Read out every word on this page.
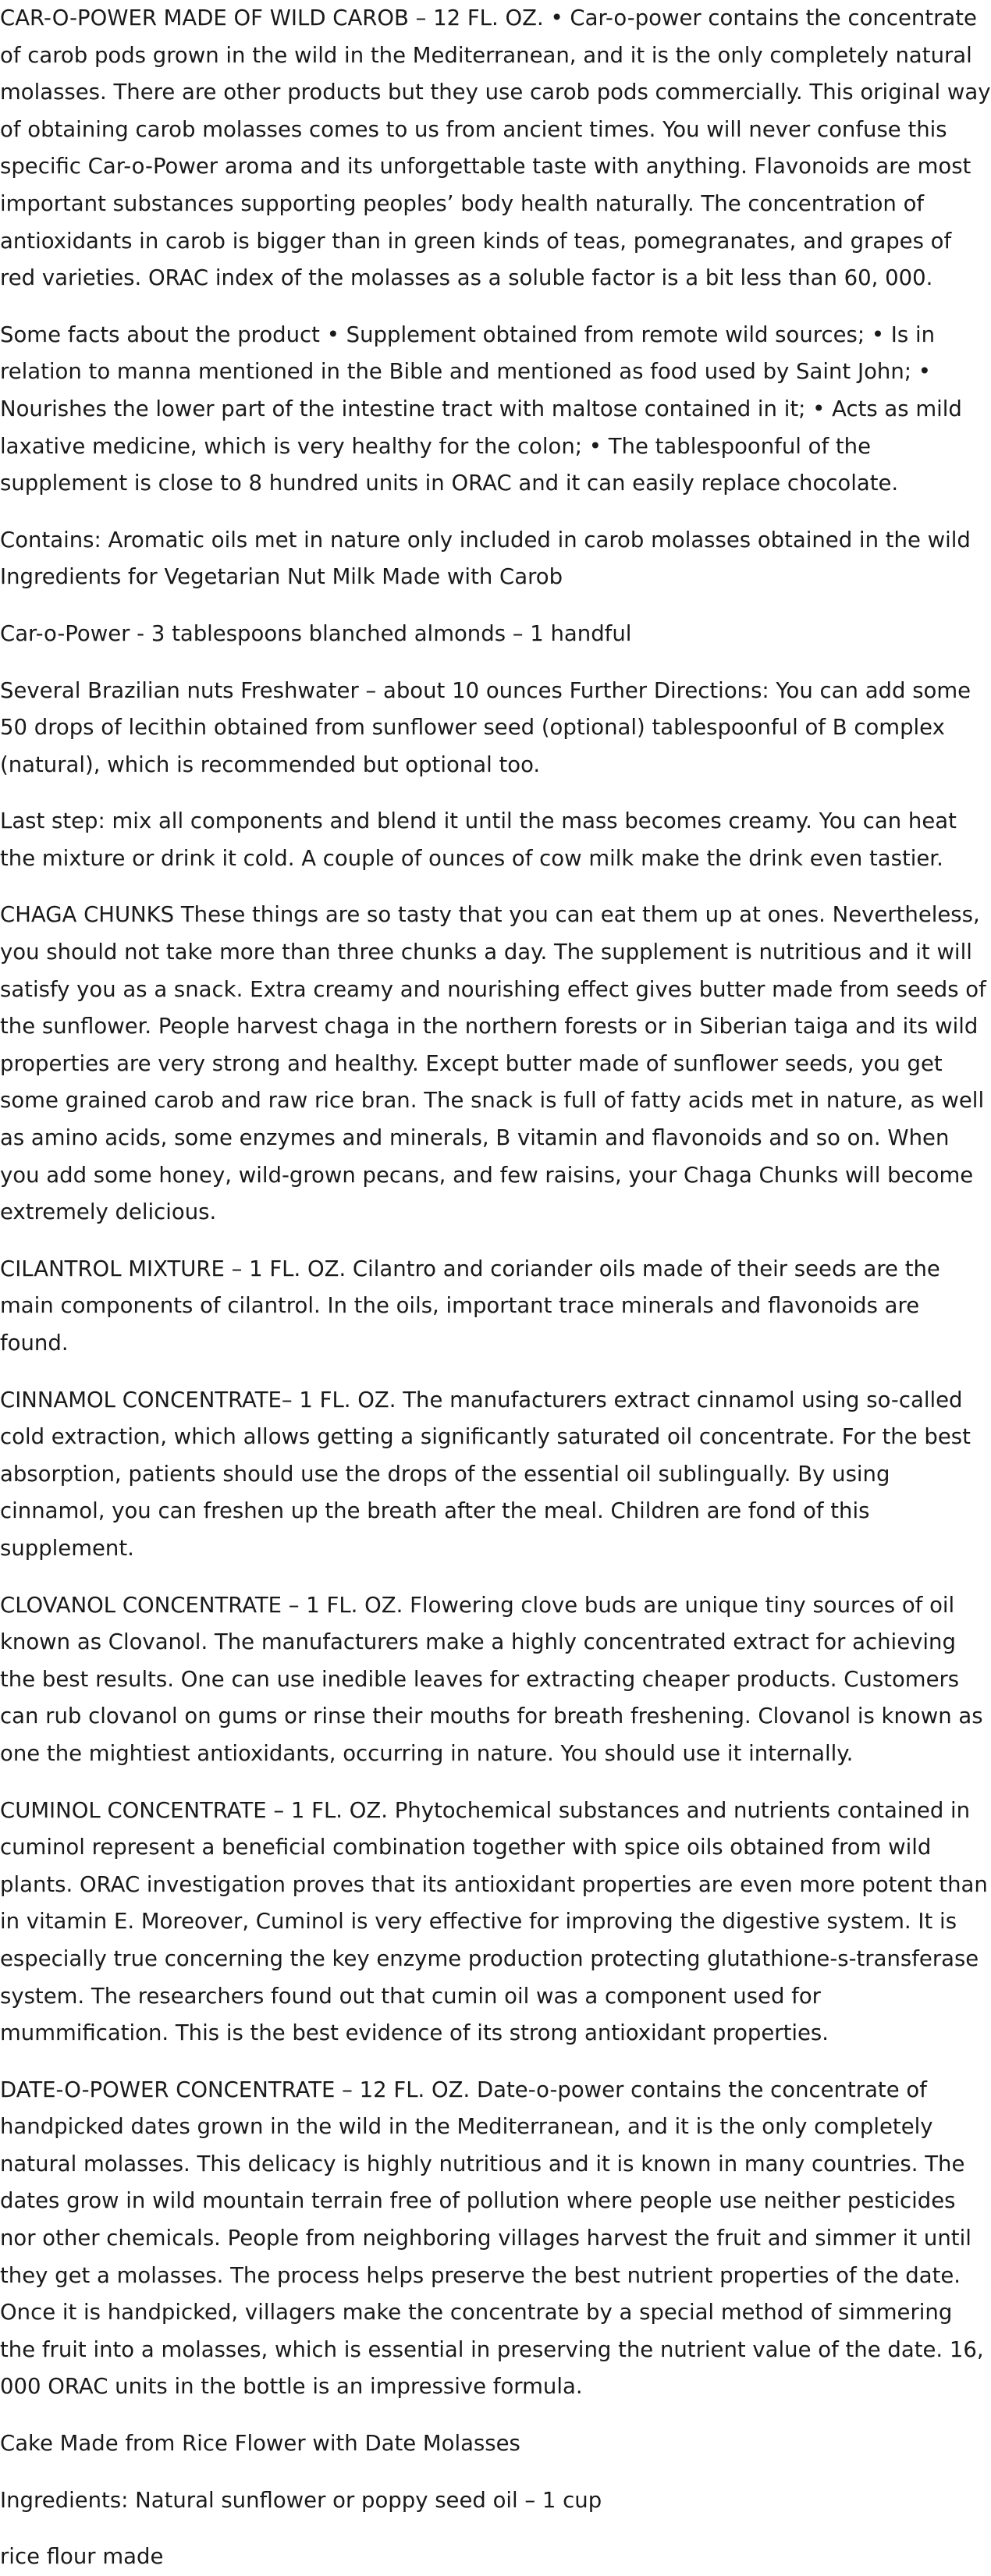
CAR-O-POWER MADE OF WILD CAROB – 12 FL. OZ. • Car-o-power contains the concentrate of carob pods grown in the wild in the Mediterranean, and it is the only completely natural molasses. There are other products but they use carob pods commercially. This original way of obtaining carob molasses comes to us from ancient times. You will never confuse this specific Car-o-Power aroma and its unforgettable taste with anything. Flavonoids are most important substances supporting peoples’ body health naturally. The concentration of antioxidants in carob is bigger than in green kinds of teas, pomegranates, and grapes of red varieties. ORAC index of the molasses as a soluble factor is a bit less than 60, 000.

Some facts about the product • Supplement obtained from remote wild sources; • Is in relation to manna mentioned in the Bible and mentioned as food used by Saint John; • Nourishes the lower part of the intestine tract with maltose contained in it; • Acts as mild laxative medicine, which is very healthy for the colon; • The tablespoonful of the supplement is close to 8 hundred units in ORAC and it can easily replace chocolate.

Contains: Aromatic oils met in nature only included in carob molasses obtained in the wild Ingredients for Vegetarian Nut Milk Made with Carob

Car-o-Power - 3 tablespoons blanched almonds – 1 handful

Several Brazilian nuts Freshwater – about 10 ounces Further Directions: You can add some 50 drops of lecithin obtained from sunflower seed (optional) tablespoonful of B complex (natural), which is recommended but optional too.

Last step: mix all components and blend it until the mass becomes creamy. You can heat the mixture or drink it cold. A couple of ounces of cow milk make the drink even tastier.

CHAGA CHUNKS These things are so tasty that you can eat them up at ones. Nevertheless, you should not take more than three chunks a day. The supplement is nutritious and it will satisfy you as a snack. Extra creamy and nourishing effect gives butter made from seeds of the sunflower. People harvest chaga in the northern forests or in Siberian taiga and its wild properties are very strong and healthy. Except butter made of sunflower seeds, you get some grained carob and raw rice bran. The snack is full of fatty acids met in nature, as well as amino acids, some enzymes and minerals, B vitamin and flavonoids and so on. When you add some honey, wild-grown pecans, and few raisins, your Chaga Chunks will become extremely delicious.

CILANTROL MIXTURE – 1 FL. OZ. Cilantro and coriander oils made of their seeds are the main components of cilantrol. In the oils, important trace minerals and flavonoids are found.

CINNAMOL CONCENTRATE– 1 FL. OZ. The manufacturers extract cinnamol using so-called cold extraction, which allows getting a significantly saturated oil concentrate. For the best absorption, patients should use the drops of the essential oil sublingually. By using cinnamol, you can freshen up the breath after the meal. Children are fond of this supplement.

CLOVANOL CONCENTRATE – 1 FL. OZ. Flowering clove buds are unique tiny sources of oil known as Clovanol. The manufacturers make a highly concentrated extract for achieving the best results. One can use inedible leaves for extracting cheaper products. Customers can rub clovanol on gums or rinse their mouths for breath freshening. Clovanol is known as one the mightiest antioxidants, occurring in nature. You should use it internally.

CUMINOL CONCENTRATE – 1 FL. OZ. Phytochemical substances and nutrients contained in cuminol represent a beneficial combination together with spice oils obtained from wild plants. ORAC investigation proves that its antioxidant properties are even more potent than in vitamin E. Moreover, Cuminol is very effective for improving the digestive system. It is especially true concerning the key enzyme production protecting glutathione-s-transferase system. The researchers found out that cumin oil was a component used for mummification. This is the best evidence of its strong antioxidant properties.

DATE-O-POWER CONCENTRATE – 12 FL. OZ. Date-o-power contains the concentrate of handpicked dates grown in the wild in the Mediterranean, and it is the only completely natural molasses. This delicacy is highly nutritious and it is known in many countries. The dates grow in wild mountain terrain free of pollution where people use neither pesticides nor other chemicals. People from neighboring villages harvest the fruit and simmer it until they get a molasses. The process helps preserve the best nutrient properties of the date. Once it is handpicked, villagers make the concentrate by a special method of simmering the fruit into a molasses, which is essential in preserving the nutrient value of the date. 16, 000 ORAC units in the bottle is an impressive formula.

Cake Made from Rice Flower with Date Molasses

Ingredients: Natural sunflower or poppy seed oil – 1 cup

rice flour made
